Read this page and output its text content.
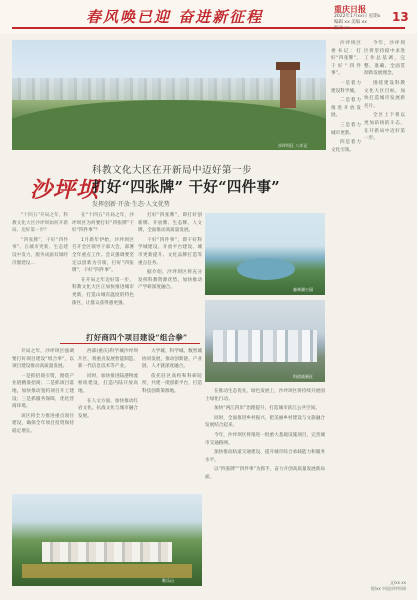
春风唤已迎 奋进新征程	重庆日报
2022年1月xx日 星期x
编辑 xx 美编 xx
校对 xx
13
沙坪坝区 八年记

沙坪坝区委书记：打好“四张牌”，干好“四件事”。

一是着力建设科学城。

二是着力推进开放发展。

三是着力城市更新。

四是着力文化引领。

今年，沙坪坝区将坚持稳中求进工作总基调，完整、准确、全面贯彻新发展理念。

围绕建设科教文化大区目标，加快打造城市发展新名片。

全区上下将以更加昂扬的斗志，在开新局中迈好第一步。

沙坪坝
科教文化大区在开新局中迈好第一步
打好“四张牌” 干好“四件事”
发挥创新·开放·生态·人文优势

“十四五”开局之年，科教文化大区沙坪坝如何开新局、迈好第一步？

“四张牌”，干好“四件事”。在城市更新、生态建设中发力，服务成渝双城经济圈建设…

在“十四五”开局之年，沙坪坝区为何要打好“四张牌”干好“四件事”？

1月新年伊始，沙坪坝区召开全区领导干部大会，部署全年重点工作。会议强调要坚定以创新为引领，打好“四张牌”，干好“四件事”。

在开局之年迈好第一步，科教文化大区正加快推进城市更新，打造山城有温度的特色街区，让群众获得感更强。

打好“四张牌”，即打好创新牌、开放牌、生态牌、人文牌，全面推动高质量发展。

干好“四件事”，即干好科学城建设、开放平台建设、城市更新提升、文化品牌打造等重点任务。

据介绍，沙坪坝区将充分发挥科教资源优势，加快推动产学研深度融合。	森林湖公园
科创高新区
打好商四个项目建设“组合拳”

开局之年，沙坪坝区强调要打好项目建设“组合拳”，以项目建设推动高质量发展。

一是抓招商引资，围绕产业链精准招商；二是抓项目落地，加快推动签约项目开工建设；三是抓服务保障，优化营商环境。

该区将全力推进重点项目建设，确保全年项目投资保持稳定增长。

西部(重庆)科学城沙坪坝片区，将重点发展智能制造、新一代信息技术等产业。

同时，加快推进陆港物流枢纽建设，打造内陆开放高地。

在人文方面，加快推动红岩文化、抗战文化与城市融合发展。

大学城、科学城、数智城协同发展，推动创新链、产业链、人才链深度融合。

依托驻区高校和科研院所，共建一批创新平台，打造科技创新策源地。	在推动生态优先、绿色发展上，沙坪坝区将持续开展国土绿化行动。

加快“两江四岸”治理提升，打造城市滨江公共空间。

同时，全面推进乡村振兴，把美丽乡村建设与文旅融合发展结合起来。

今年，沙坪坝区将推进一批重大基础设施项目，完善城市交通路网。

加快推动轨道交通建设，提升城市综合承载能力和服务水平。

以“四张牌”“四件事”为抓手，奋力开创高质量发展新局面。

歌乐山	文/xx xx
图/xx 中国沙坪坝网
